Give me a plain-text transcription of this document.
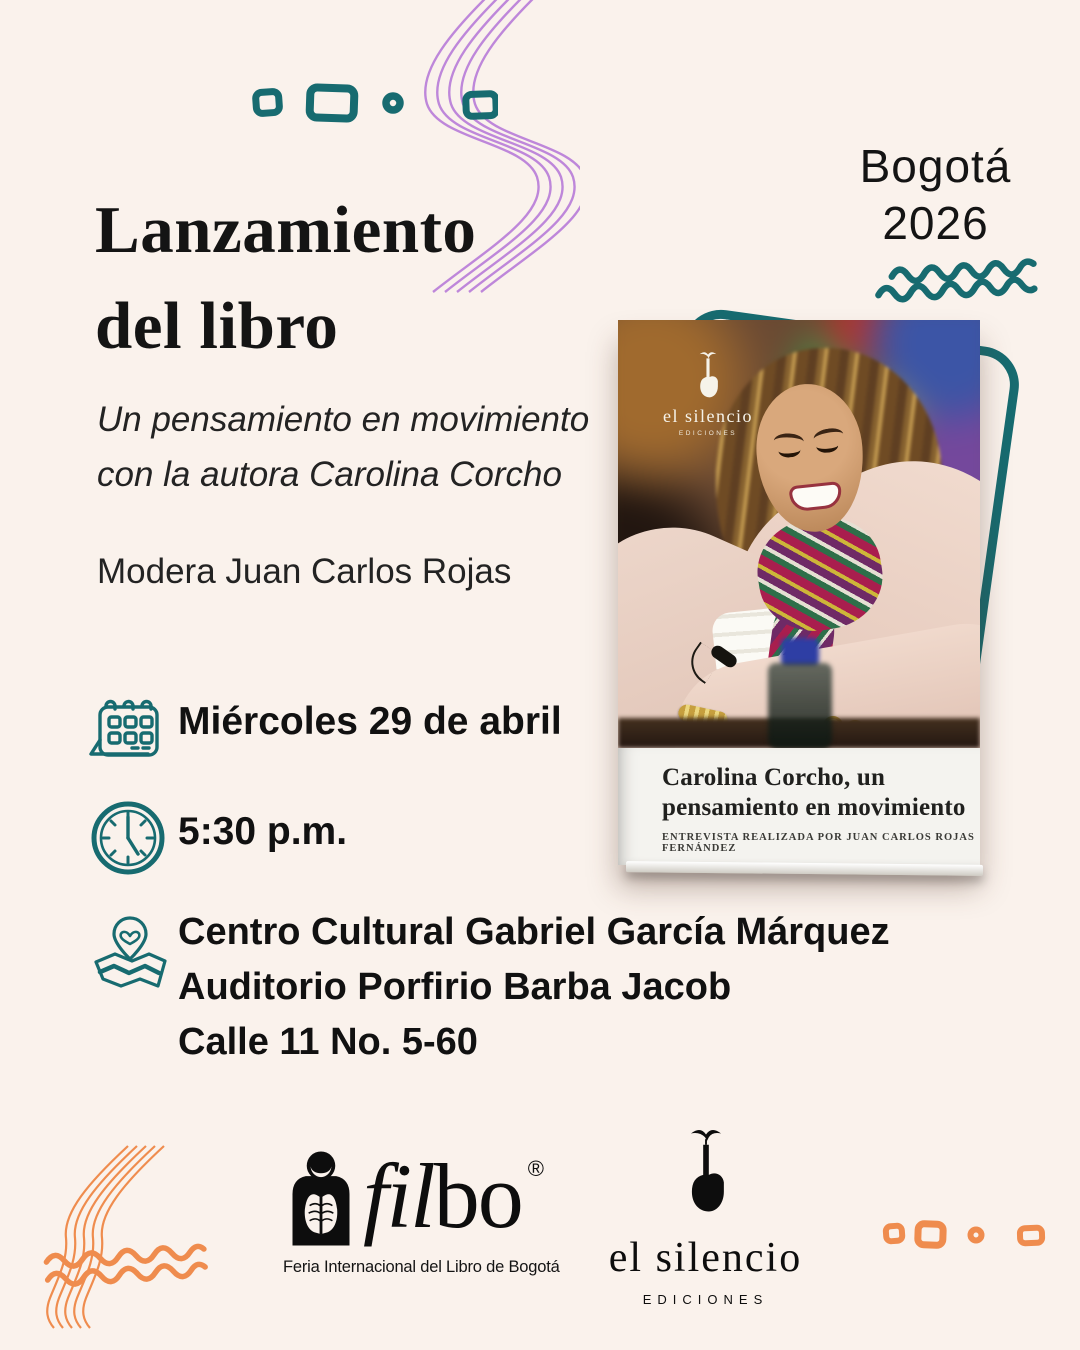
Bogotá
2026
Lanzamiento
del libro
Un pensamiento en movimiento
con la autora Carolina Corcho
Modera Juan Carlos Rojas
Miércoles 29 de abril
5:30 p.m.
Centro Cultural Gabriel García Márquez
Auditorio Porfirio Barba Jacob
Calle 11 No. 5-60
el silencio
EDICIONES
Carolina Corcho, un
pensamiento en movimiento
ENTREVISTA REALIZADA POR JUAN CARLOS ROJAS FERNÁNDEZ
filbo ®
Feria Internacional del Libro de Bogotá	el silencio
EDICIONES
